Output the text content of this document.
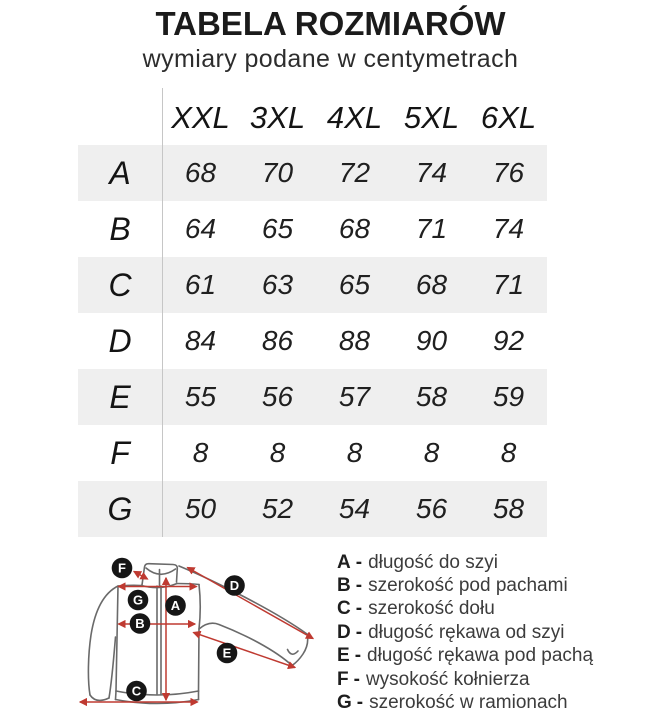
TABELA ROZMIARÓW
wymiary podane w centymetrach
XXL 3XL 4XL 5XL 6XL
A	68	70	72	74	76
B	64	65	68	71	74
C	61	63	65	68	71
D	84	86	88	90	92
E	55	56	57	58	59
F	8	8	8	8	8
G	50	52	54	56	58
F
G A
B
D
E
C
A - długość do szyi
B - szerokość pod pachami
C - szerokość dołu
D - długość rękawa od szyi
E - długość rękawa pod pachą
F - wysokość kołnierza
G - szerokość w ramionach
